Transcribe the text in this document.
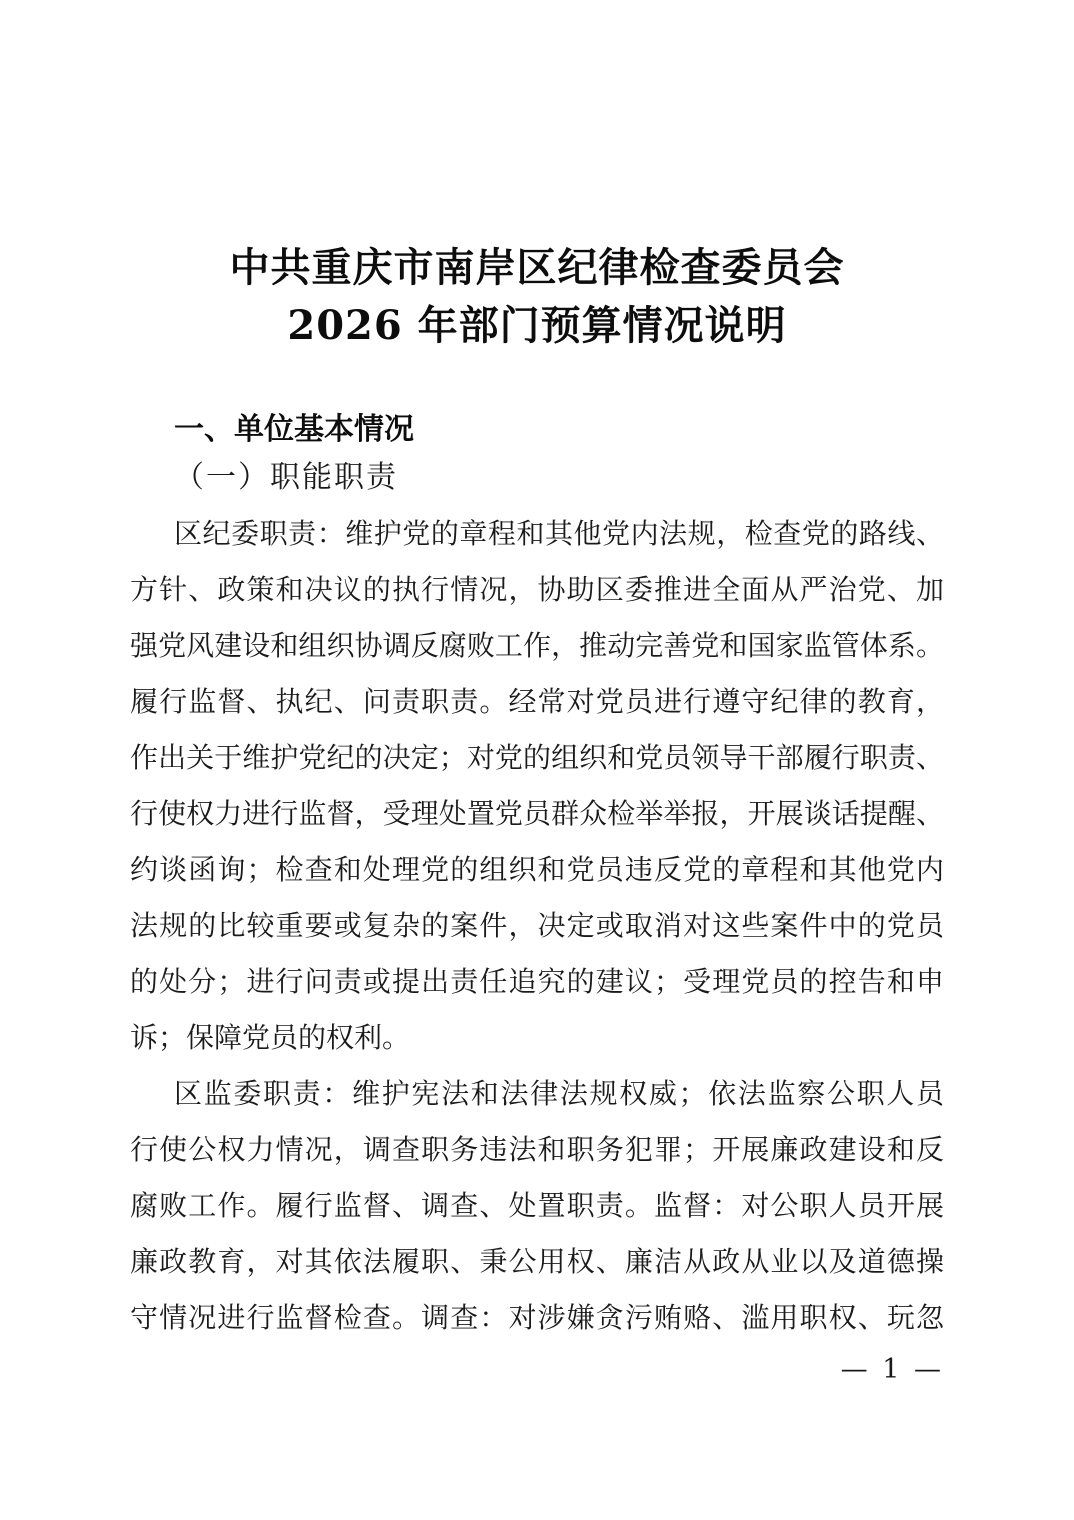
中共重庆市南岸区纪律检查委员会
2026 年部门预算情况说明
一、单位基本情况
（一）职能职责
区纪委职责：维护党的章程和其他党内法规，检查党的路线、
方针、政策和决议的执行情况，协助区委推进全面从严治党、加
强党风建设和组织协调反腐败工作，推动完善党和国家监管体系。
履行监督、执纪、问责职责。经常对党员进行遵守纪律的教育，
作出关于维护党纪的决定；对党的组织和党员领导干部履行职责、
行使权力进行监督，受理处置党员群众检举举报，开展谈话提醒、
约谈函询；检查和处理党的组织和党员违反党的章程和其他党内
法规的比较重要或复杂的案件，决定或取消对这些案件中的党员
的处分；进行问责或提出责任追究的建议；受理党员的控告和申
诉；保障党员的权利。
区监委职责：维护宪法和法律法规权威；依法监察公职人员
行使公权力情况，调查职务违法和职务犯罪；开展廉政建设和反
腐败工作。履行监督、调查、处置职责。监督：对公职人员开展
廉政教育，对其依法履职、秉公用权、廉洁从政从业以及道德操
守情况进行监督检查。调查：对涉嫌贪污贿赂、滥用职权、玩忽
— 1 —
